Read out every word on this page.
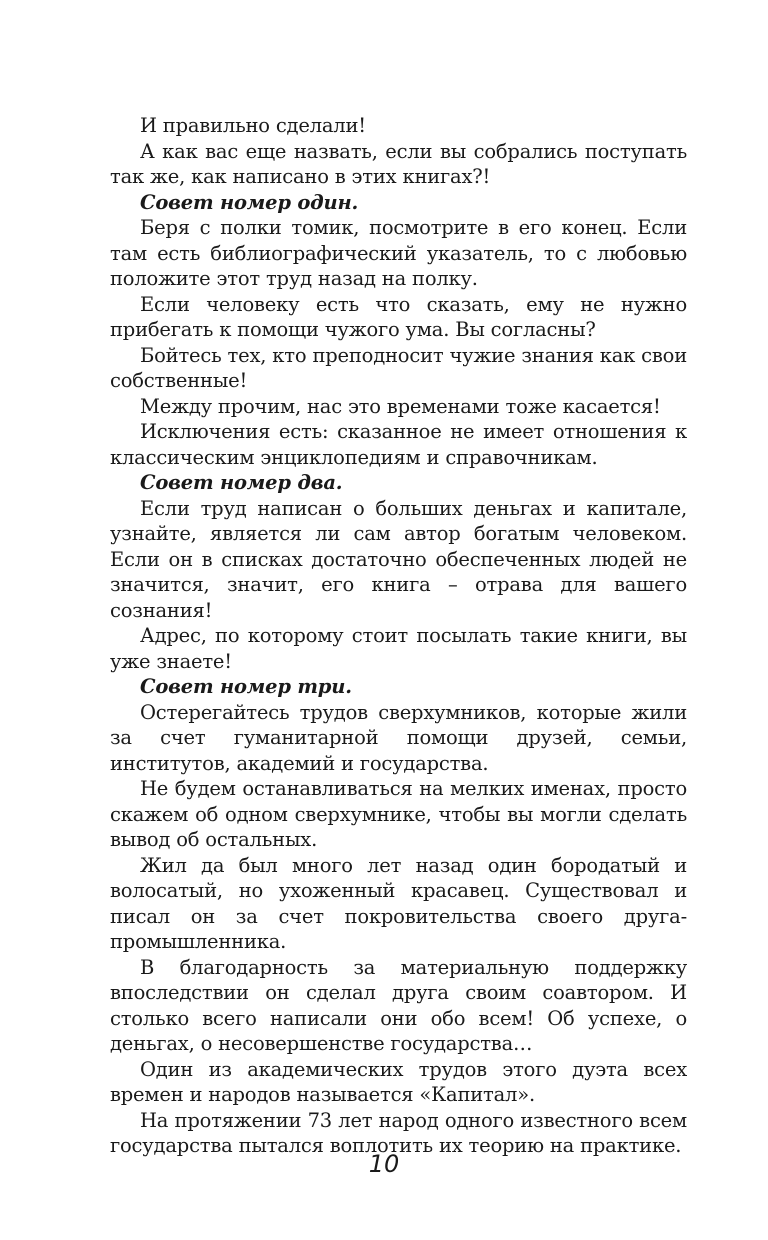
И правильно сделали!

А как вас еще назвать, если вы собрались поступать так же, как написано в этих книгах?!

Совет номер один.

Беря с полки томик, посмотрите в его конец. Если там есть библиографический указатель, то с любовью положите этот труд назад на полку.

Если человеку есть что сказать, ему не нужно прибегать к помощи чужого ума. Вы согласны?

Бойтесь тех, кто преподносит чужие знания как свои собственные!

Между прочим, нас это временами тоже касается!

Исключения есть: сказанное не имеет отношения к классическим энциклопедиям и справочникам.

Совет номер два.

Если труд написан о больших деньгах и капитале, узнайте, является ли сам автор богатым человеком. Если он в списках достаточно обеспеченных людей не значится, значит, его книга – отрава для вашего сознания!

Адрес, по которому стоит посылать такие книги, вы уже знаете!

Совет номер три.

Остерегайтесь трудов сверхумников, которые жили за счет гуманитарной помощи друзей, семьи, институтов, академий и государства.

Не будем останавливаться на мелких именах, просто скажем об одном сверхумнике, чтобы вы могли сделать вывод об остальных.

Жил да был много лет назад один бородатый и волосатый, но ухоженный красавец. Существовал и писал он за счет покровительства своего друга-промышленника.

В благодарность за материальную поддержку впоследствии он сделал друга своим соавтором. И столько всего написали они обо всем! Об успехе, о деньгах, о несовершенстве государства…

Один из академических трудов этого дуэта всех времен и народов называется «Капитал».

На протяжении 73 лет народ одного известного всем государства пытался воплотить их теорию на практике.

10
